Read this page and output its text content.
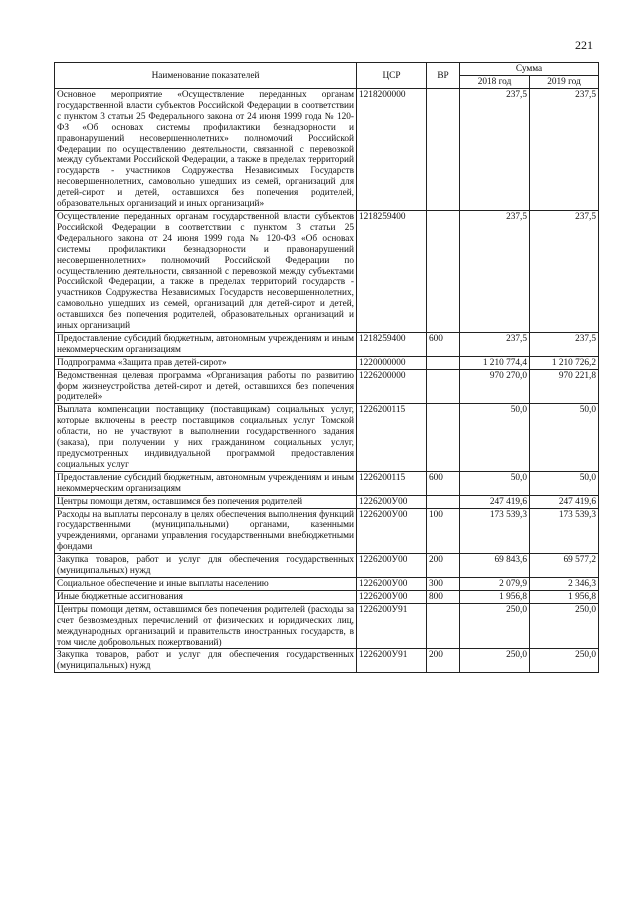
221
Наименование показателей	ЦСР	ВР	Сумма	
			2018 год	2019 год
Основное мероприятие «Осуществление переданных органам государственной власти субъектов Российской Федерации в соответствии с пунктом 3 статьи 25 Федерального закона от 24 июня 1999 года № 120-ФЗ «Об основах системы профилактики безнадзорности и правонарушений несовершеннолетних» полномочий Российской Федерации по осуществлению деятельности, связанной с перевозкой между субъектами Российской Федерации, а также в пределах территорий государств - участников Содружества Независимых Государств несовершеннолетних, самовольно ушедших из семей, организаций для детей-сирот и детей, оставшихся без попечения родителей, образовательных организаций и иных организаций»	1218200000		237,5	237,5
Осуществление переданных органам государственной власти субъектов Российской Федерации в соответствии с пунктом 3 статьи 25 Федерального закона от 24 июня 1999 года № 120-ФЗ «Об основах системы профилактики безнадзорности и правонарушений несовершеннолетних» полномочий Российской Федерации по осуществлению деятельности, связанной с перевозкой между субъектами Российской Федерации, а также в пределах территорий государств - участников Содружества Независимых Государств несовершеннолетних, самовольно ушедших из семей, организаций для детей-сирот и детей, оставшихся без попечения родителей, образовательных организаций и иных организаций	1218259400		237,5	237,5
Предоставление субсидий бюджетным, автономным учреждениям и иным некоммерческим организациям	1218259400	600	237,5	237,5
Подпрограмма «Защита прав детей-сирот»	1220000000		1 210 774,4	1 210 726,2
Ведомственная целевая программа «Организация работы по развитию форм жизнеустройства детей-сирот и детей, оставшихся без попечения родителей»	1226200000		970 270,0	970 221,8
Выплата компенсации поставщику (поставщикам) социальных услуг, которые включены в реестр поставщиков социальных услуг Томской области, но не участвуют в выполнении государственного задания (заказа), при получении у них гражданином социальных услуг, предусмотренных индивидуальной программой предоставления социальных услуг	1226200115		50,0	50,0
Предоставление субсидий бюджетным, автономным учреждениям и иным некоммерческим организациям	1226200115	600	50,0	50,0
Центры помощи детям, оставшимся без попечения родителей	1226200У00		247 419,6	247 419,6
Расходы на выплаты персоналу в целях обеспечения выполнения функций государственными (муниципальными) органами, казенными учреждениями, органами управления государственными внебюджетными фондами	1226200У00	100	173 539,3	173 539,3
Закупка товаров, работ и услуг для обеспечения государственных (муниципальных) нужд	1226200У00	200	69 843,6	69 577,2
Социальное обеспечение и иные выплаты населению	1226200У00	300	2 079,9	2 346,3
Иные бюджетные ассигнования	1226200У00	800	1 956,8	1 956,8
Центры помощи детям, оставшимся без попечения родителей (расходы за счет безвозмездных перечислений от физических и юридических лиц, международных организаций и правительств иностранных государств, в том числе добровольных пожертвований)	1226200У91		250,0	250,0
Закупка товаров, работ и услуг для обеспечения государственных (муниципальных) нужд	1226200У91	200	250,0	250,0
